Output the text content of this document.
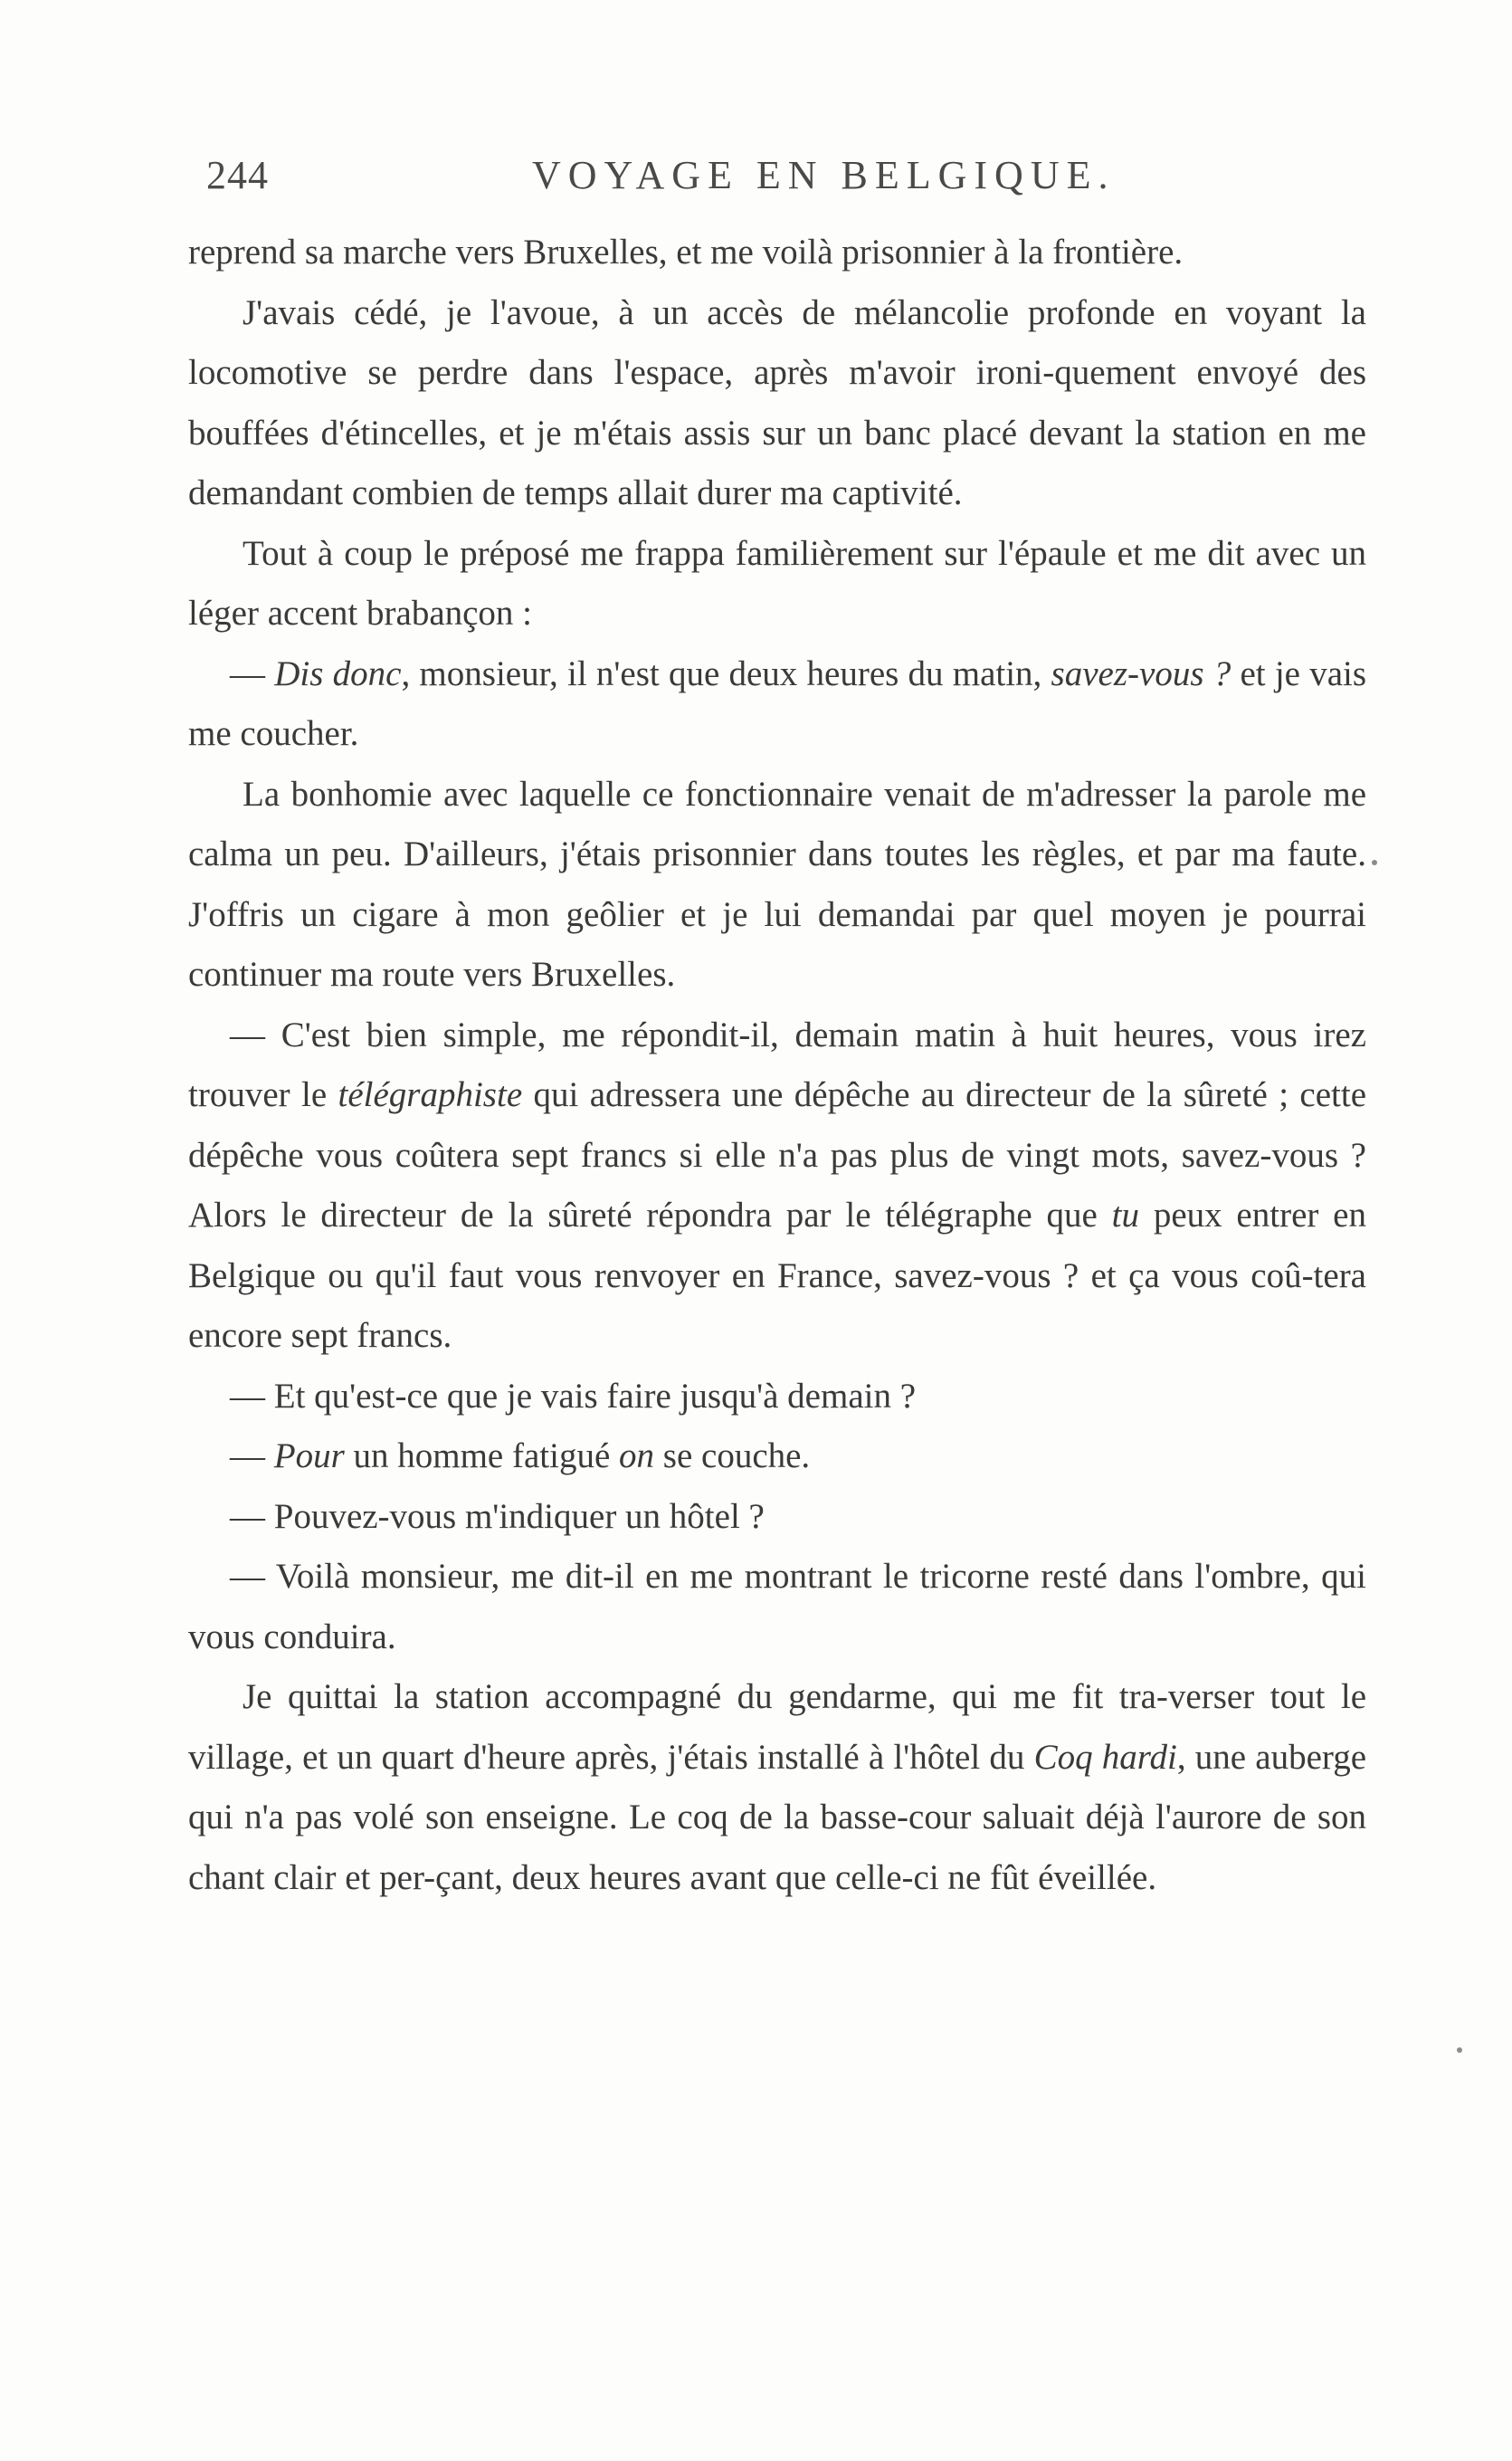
244	VOYAGE EN BELGIQUE.

reprend sa marche vers Bruxelles, et me voilà prisonnier à la frontière.

J'avais cédé, je l'avoue, à un accès de mélancolie profonde en voyant la locomotive se perdre dans l'espace, après m'avoir ironi-quement envoyé des bouffées d'étincelles, et je m'étais assis sur un banc placé devant la station en me demandant combien de temps allait durer ma captivité.

Tout à coup le préposé me frappa familièrement sur l'épaule et me dit avec un léger accent brabançon :

— Dis donc, monsieur, il n'est que deux heures du matin, savez-vous ? et je vais me coucher.

La bonhomie avec laquelle ce fonctionnaire venait de m'adresser la parole me calma un peu. D'ailleurs, j'étais prisonnier dans toutes les règles, et par ma faute. J'offris un cigare à mon geôlier et je lui demandai par quel moyen je pourrai continuer ma route vers Bruxelles.

— C'est bien simple, me répondit-il, demain matin à huit heures, vous irez trouver le télégraphiste qui adressera une dépêche au directeur de la sûreté ; cette dépêche vous coûtera sept francs si elle n'a pas plus de vingt mots, savez-vous ? Alors le directeur de la sûreté répondra par le télégraphe que tu peux entrer en Belgique ou qu'il faut vous renvoyer en France, savez-vous ? et ça vous coû-tera encore sept francs.

— Et qu'est-ce que je vais faire jusqu'à demain ?

— Pour un homme fatigué on se couche.

— Pouvez-vous m'indiquer un hôtel ?

— Voilà monsieur, me dit-il en me montrant le tricorne resté dans l'ombre, qui vous conduira.

Je quittai la station accompagné du gendarme, qui me fit tra-verser tout le village, et un quart d'heure après, j'étais installé à l'hôtel du Coq hardi, une auberge qui n'a pas volé son enseigne. Le coq de la basse-cour saluait déjà l'aurore de son chant clair et per-çant, deux heures avant que celle-ci ne fût éveillée.
